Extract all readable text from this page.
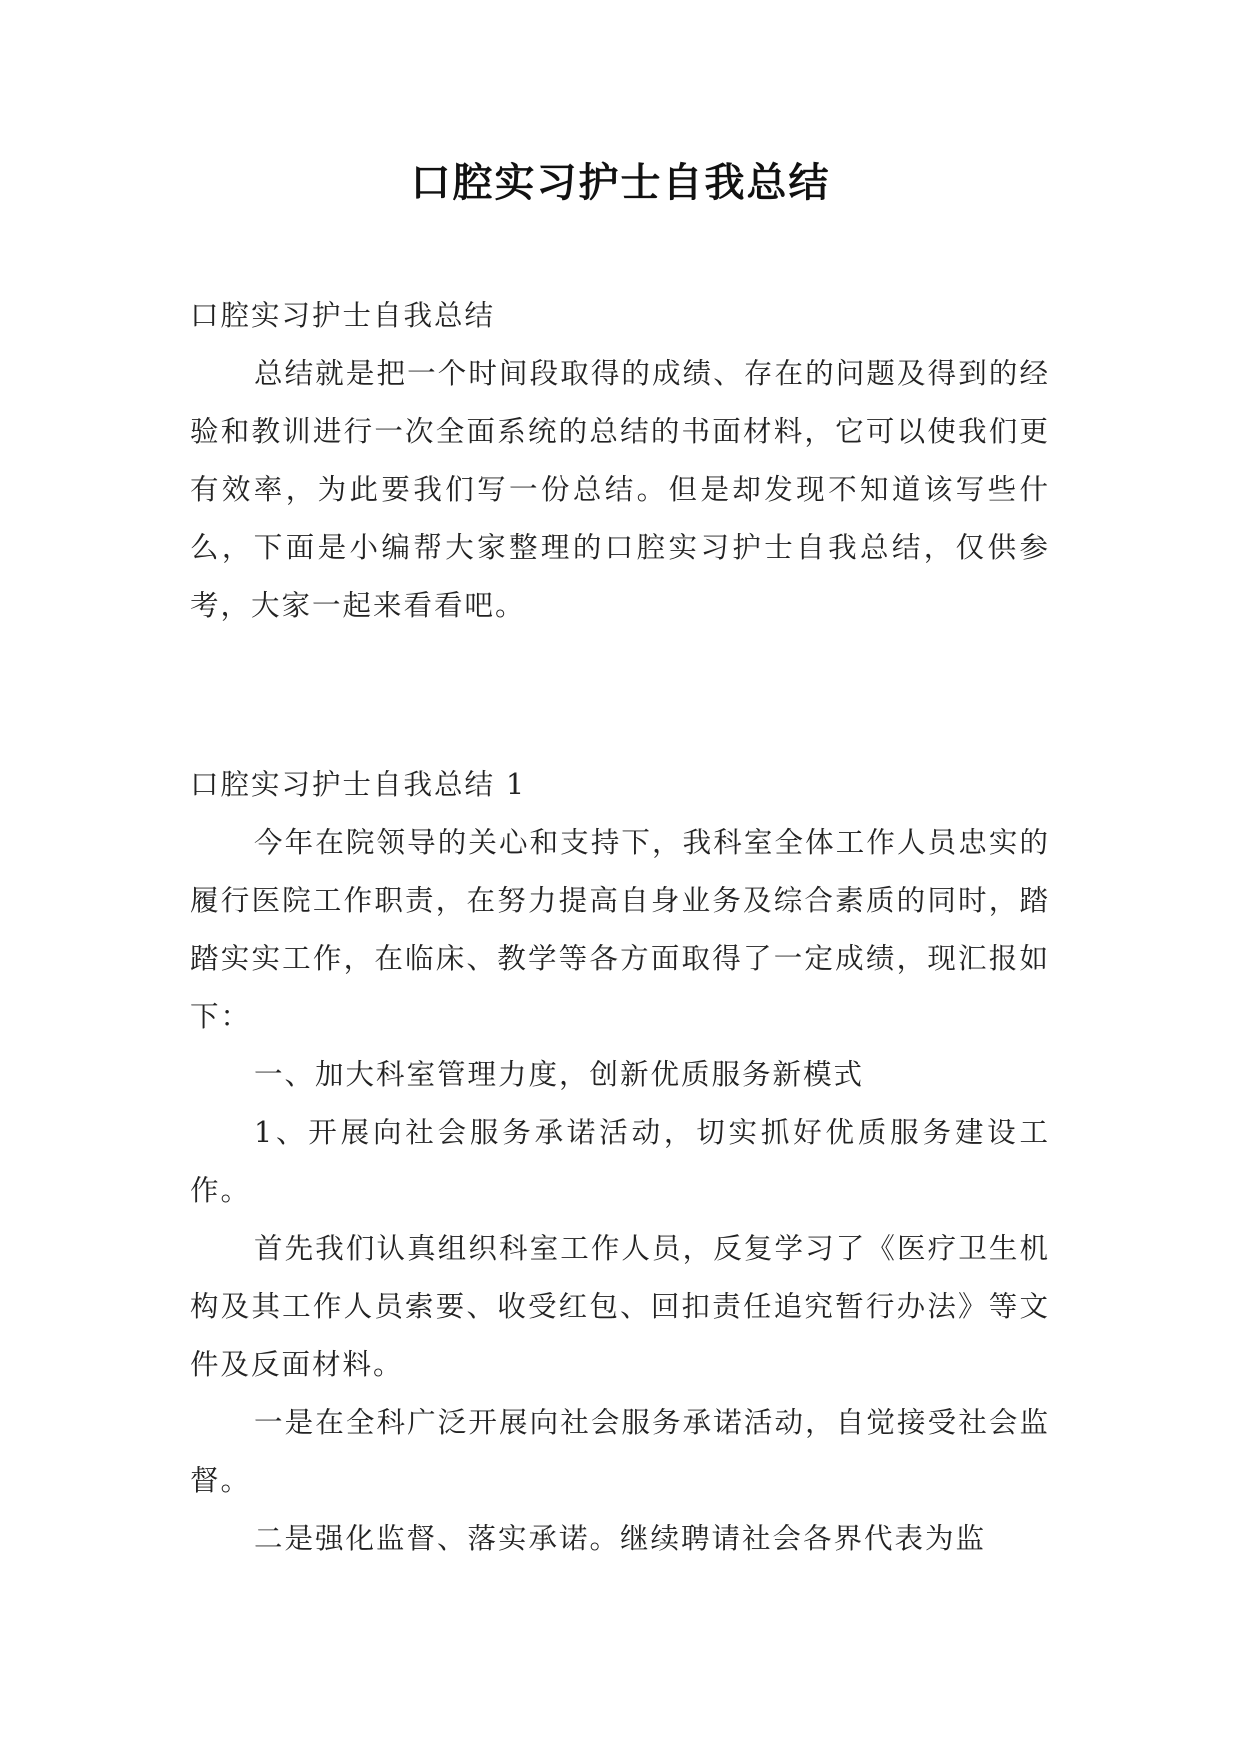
口腔实习护士自我总结

口腔实习护士自我总结

总结就是把一个时间段取得的成绩、存在的问题及得到的经验和教训进行一次全面系统的总结的书面材料，它可以使我们更有效率，为此要我们写一份总结。但是却发现不知道该写些什么，下面是小编帮大家整理的口腔实习护士自我总结，仅供参考，大家一起来看看吧。

口腔实习护士自我总结 1

今年在院领导的关心和支持下，我科室全体工作人员忠实的履行医院工作职责，在努力提高自身业务及综合素质的同时，踏踏实实工作，在临床、教学等各方面取得了一定成绩，现汇报如下：

一、加大科室管理力度，创新优质服务新模式

1、开展向社会服务承诺活动，切实抓好优质服务建设工作。

首先我们认真组织科室工作人员，反复学习了《医疗卫生机构及其工作人员索要、收受红包、回扣责任追究暂行办法》等文件及反面材料。

一是在全科广泛开展向社会服务承诺活动，自觉接受社会监督。

二是强化监督、落实承诺。继续聘请社会各界代表为监
